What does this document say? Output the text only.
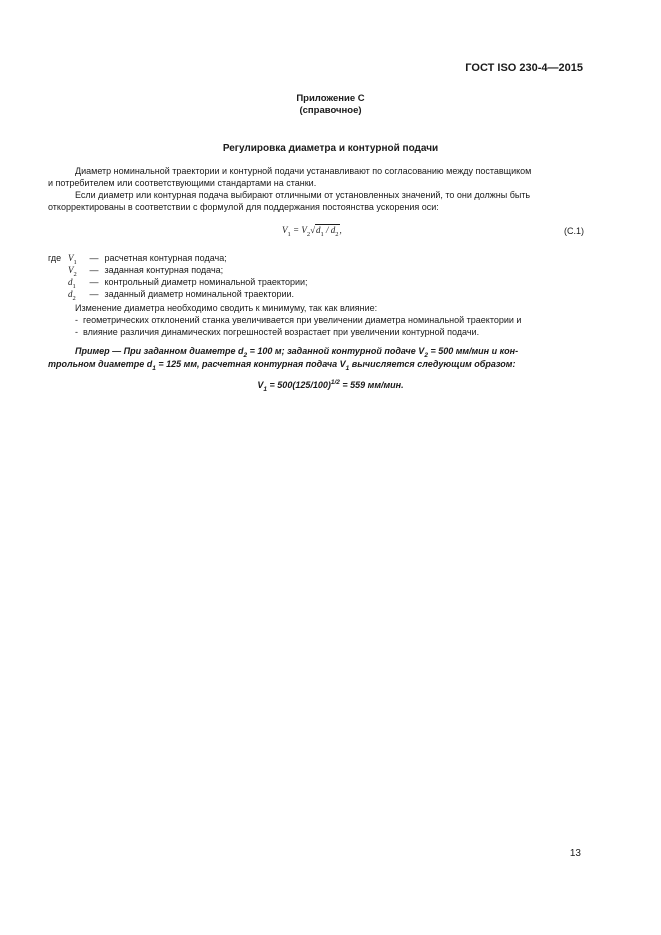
ГОСТ ISO 230-4—2015
Приложение С
(справочное)
Регулировка диаметра и контурной подачи
Диаметр номинальной траектории и контурной подачи устанавливают по согласованию между поставщиком
и потребителем или соответствующими стандартами на станки.
Если диаметр или контурная подача выбирают отличными от установленных значений, то они должны быть
откорректированы в соответствии с формулой для поддержания постоянства ускорения оси:
$V_1 = V_2√d_1 / d_2$,	(C.1)
где $V_1$ — расчетная контурная подача;
$V_2$ — заданная контурная подача;
$d_1$ — контрольный диаметр номинальной траектории;
$d_2$ — заданный диаметр номинальной траектории.
Изменение диаметра необходимо сводить к минимуму, так как влияние:
- геометрических отклонений станка увеличивается при увеличении диаметра номинальной траектории и
- влияние различия динамических погрешностей возрастает при увеличении контурной подачи.
Пример — При заданном диаметре $d_2 = 100$ м; заданной контурной подаче $V_2 = 500$ мм/мин и кон-
трольном диаметре $d_1 = 125$ мм, расчетная контурная подача $V_1$ вычисляется следующим образом:
$V_1 = 500(125/100)^{1/2} = 559$ мм/мин.
13
